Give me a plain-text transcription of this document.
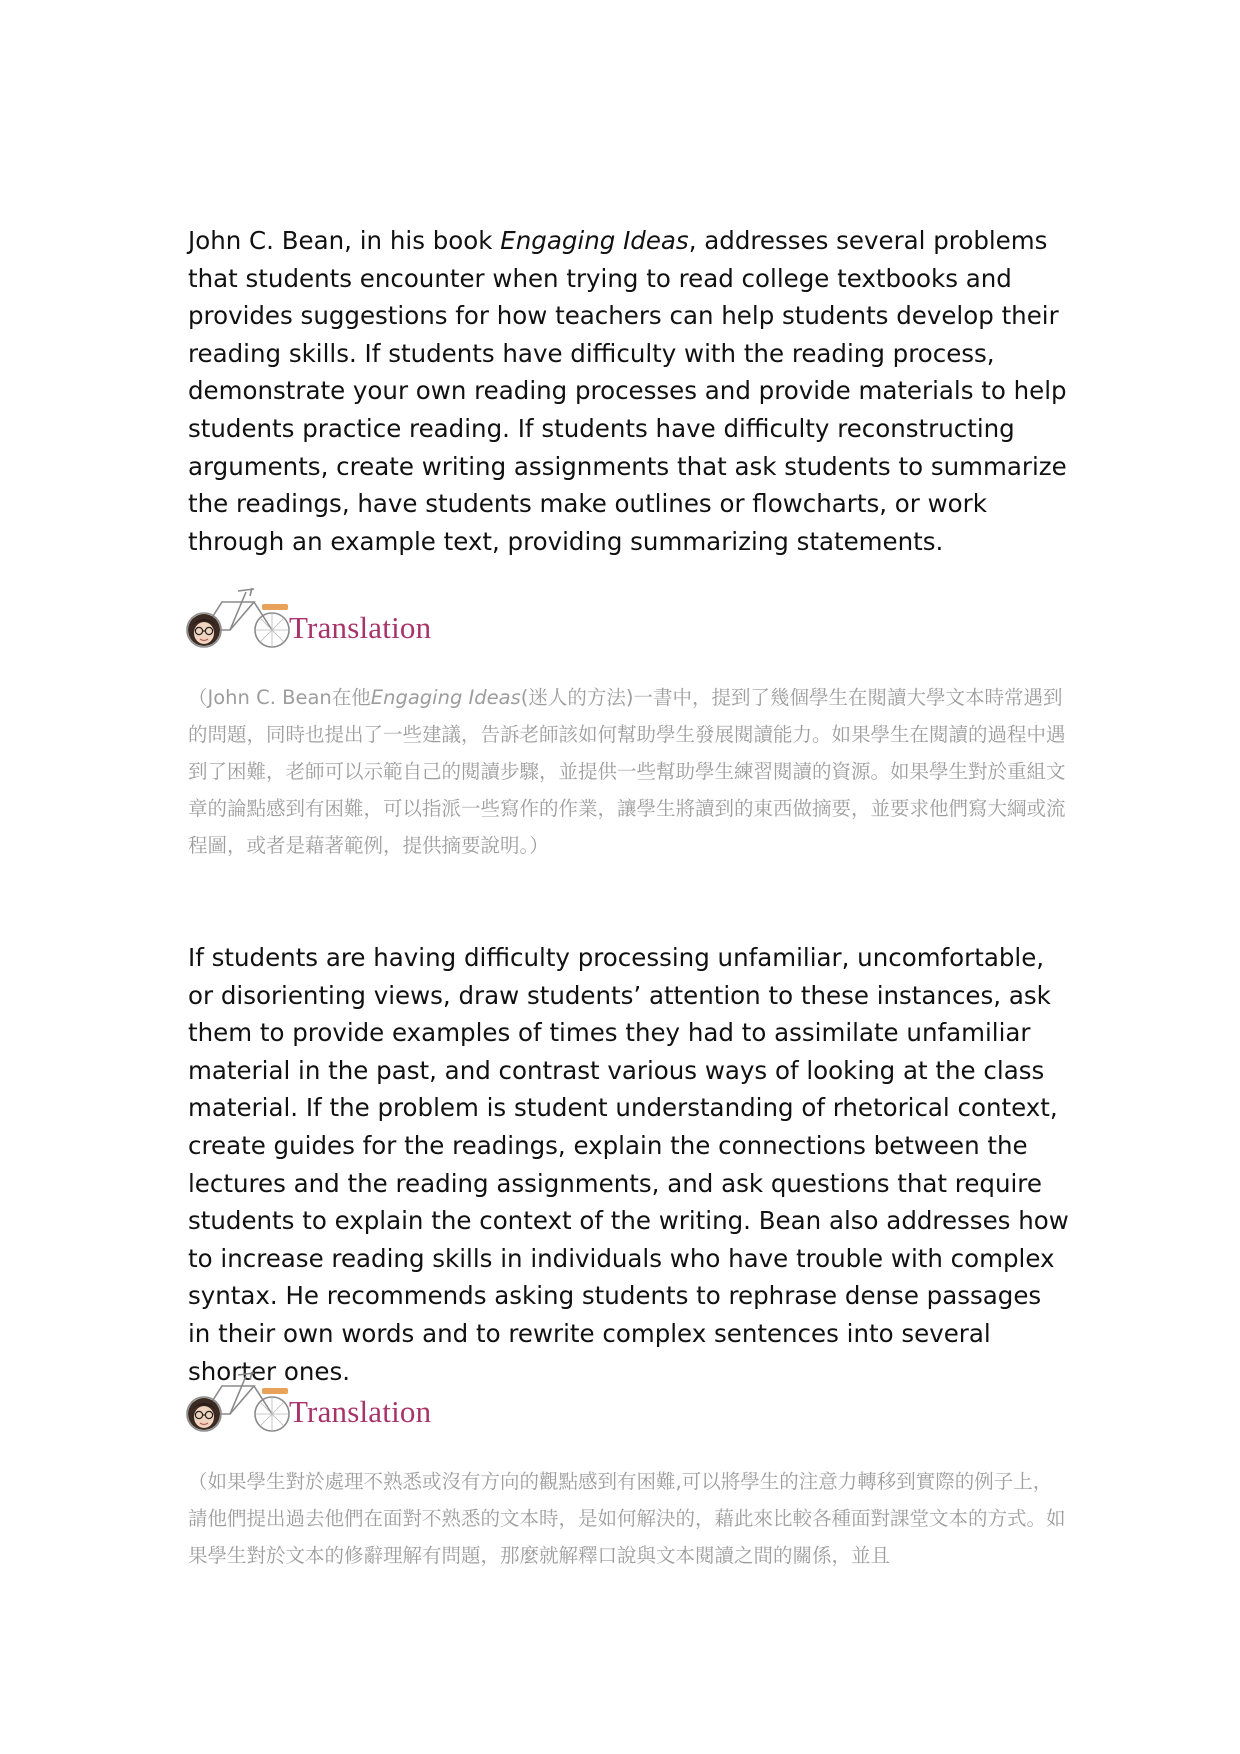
John C. Bean, in his book Engaging Ideas, addresses several problems that students encounter when trying to read college textbooks and provides suggestions for how teachers can help students develop their reading skills. If students have difficulty with the reading process, demonstrate your own reading processes and provide materials to help students practice reading. If students have difficulty reconstructing arguments, create writing assignments that ask students to summarize the readings, have students make outlines or flowcharts, or work through an example text, providing summarizing statements.

Translation

（John C. Bean在他Engaging Ideas(迷人的方法)一書中，提到了幾個學生在閱讀大學文本時常遇到的問題，同時也提出了一些建議，告訴老師該如何幫助學生發展閱讀能力。如果學生在閱讀的過程中遇到了困難，老師可以示範自己的閱讀步驟，並提供一些幫助學生練習閱讀的資源。如果學生對於重組文章的論點感到有困難，可以指派一些寫作的作業，讓學生將讀到的東西做摘要，並要求他們寫大綱或流程圖，或者是藉著範例，提供摘要說明。）

If students are having difficulty processing unfamiliar, uncomfortable, or disorienting views, draw students’ attention to these instances, ask them to provide examples of times they had to assimilate unfamiliar material in the past, and contrast various ways of looking at the class material. If the problem is student understanding of rhetorical context, create guides for the readings, explain the connections between the lectures and the reading assignments, and ask questions that require students to explain the context of the writing. Bean also addresses how to increase reading skills in individuals who have trouble with complex syntax. He recommends asking students to rephrase dense passages in their own words and to rewrite complex sentences into several shorter ones.

Translation

（如果學生對於處理不熟悉或沒有方向的觀點感到有困難,可以將學生的注意力轉移到實際的例子上，請他們提出過去他們在面對不熟悉的文本時，是如何解決的，藉此來比較各種面對課堂文本的方式。如果學生對於文本的修辭理解有問題，那麼就解釋口說與文本閱讀之間的關係，並且
